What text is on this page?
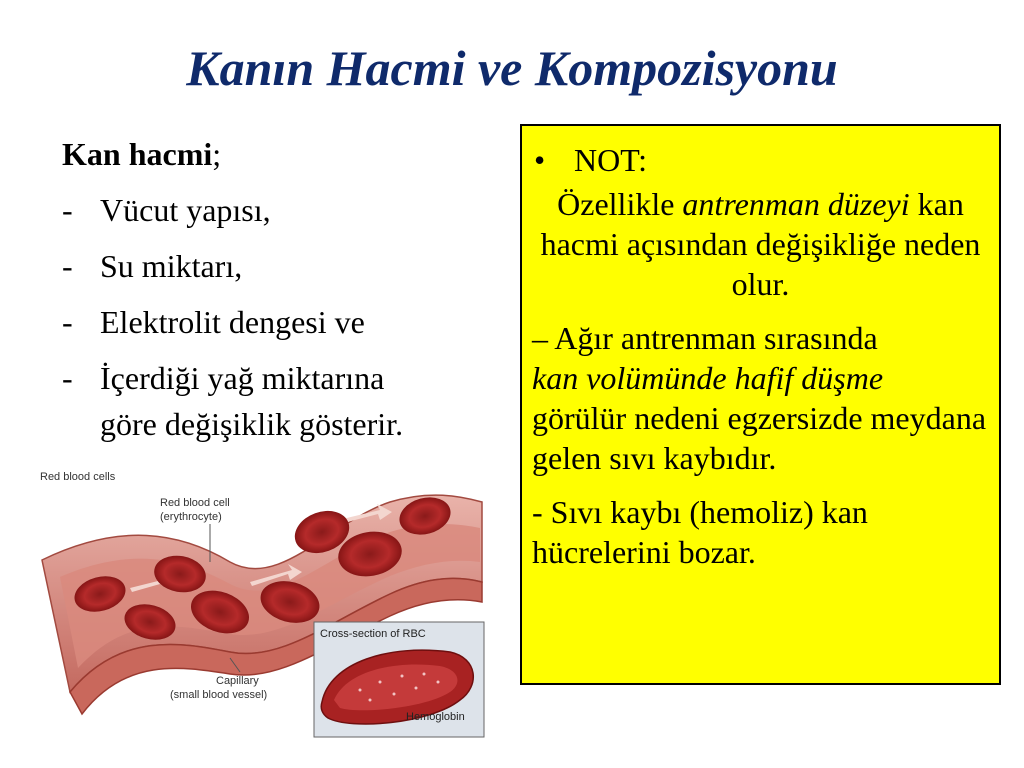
Kanın Hacmi ve Kompozisyonu
Kan hacmi;
- Vücut yapısı,
- Su miktarı,
- Elektrolit dengesi ve
- İçerdiği yağ miktarına
göre değişiklik gösterir.
• NOT:
Özellikle antrenman düzeyi kan hacmi açısından değişikliğe neden olur.
– Ağır antrenman sırasında
kan volümünde hafif düşme
görülür nedeni egzersizde meydana gelen sıvı kaybıdır.
- Sıvı kaybı (hemoliz) kan hücrelerini bozar.
Red blood cells
Red blood cell
(erythrocyte)
Capillary
(small blood vessel)
Cross-section of RBC
Hemoglobin
